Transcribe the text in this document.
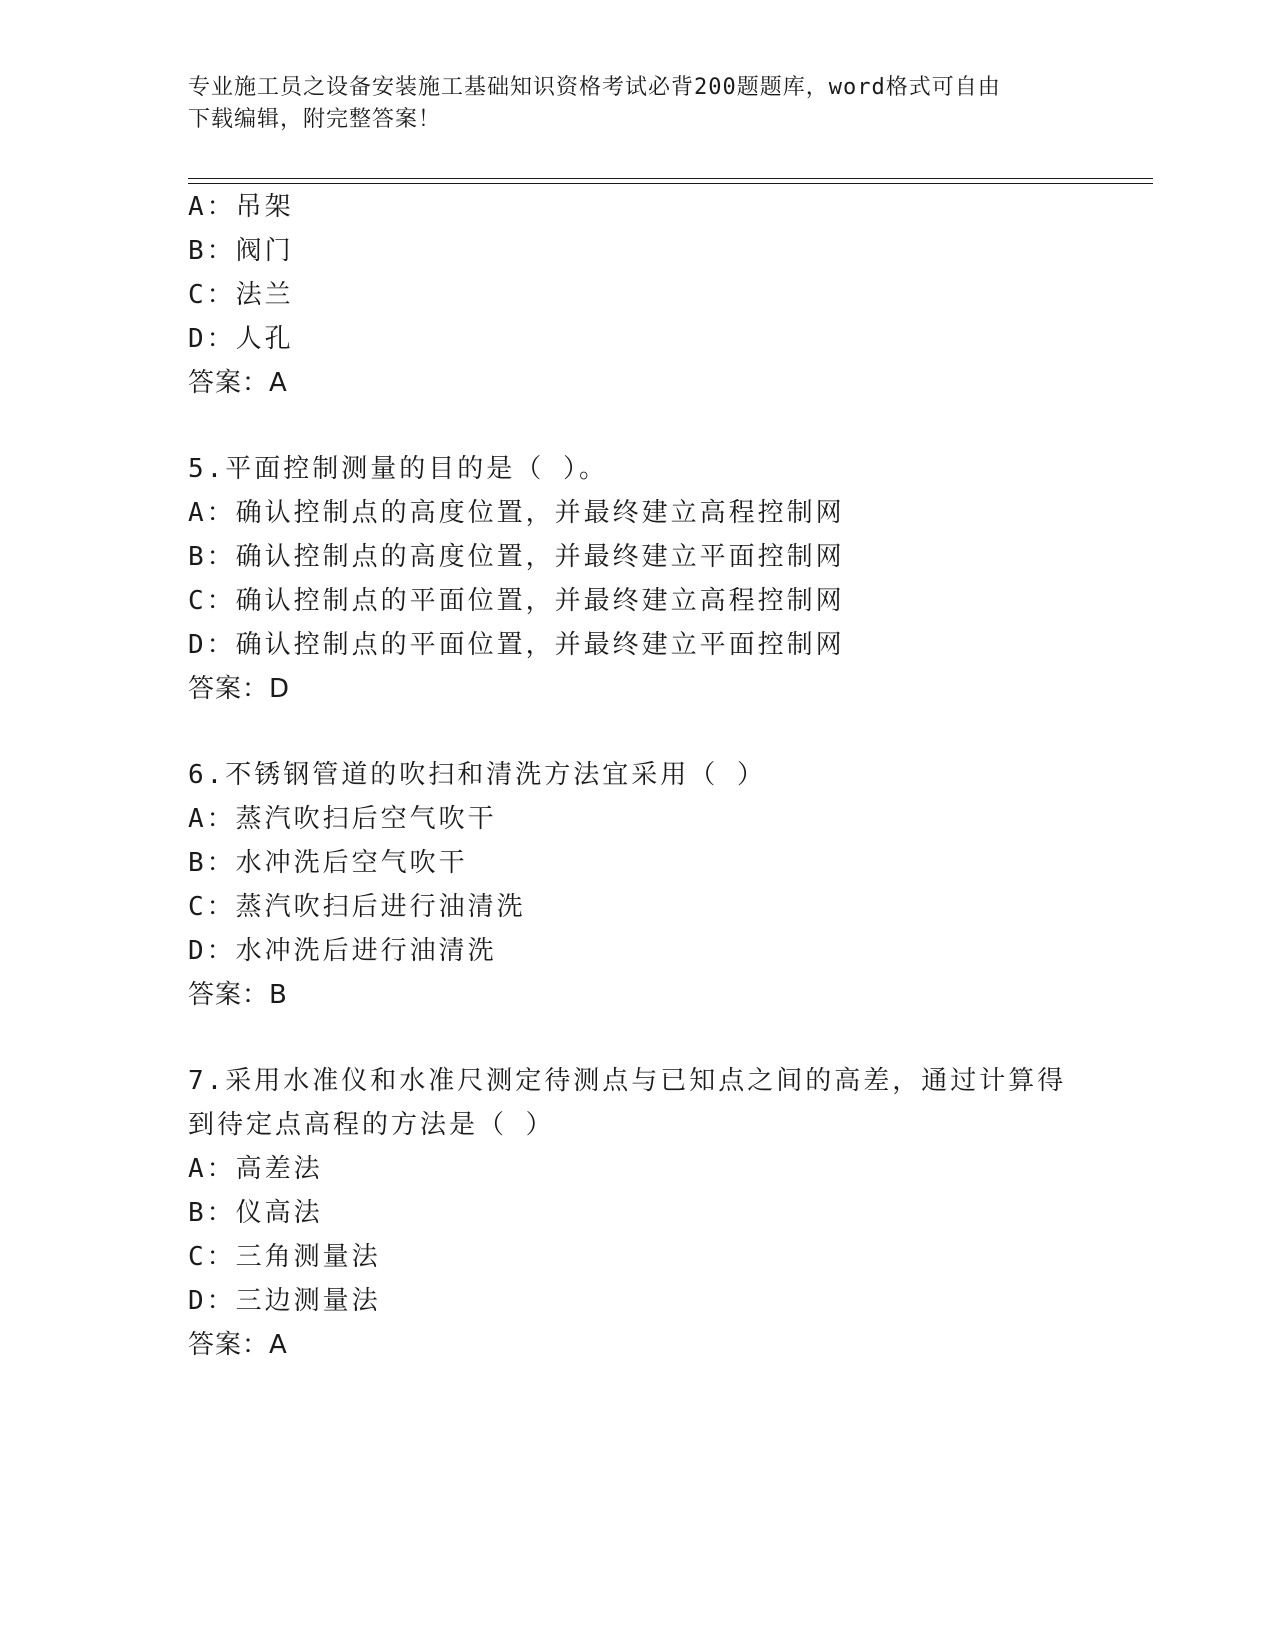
专业施工员之设备安装施工基础知识资格考试必背200题题库，word格式可自由
下载编辑，附完整答案！
A：吊架
B：阀门
C：法兰
D：人孔
答案：A
5.平面控制测量的目的是（ ）。
A：确认控制点的高度位置，并最终建立高程控制网
B：确认控制点的高度位置，并最终建立平面控制网
C：确认控制点的平面位置，并最终建立高程控制网
D：确认控制点的平面位置，并最终建立平面控制网
答案：D
6.不锈钢管道的吹扫和清洗方法宜采用（ ）
A：蒸汽吹扫后空气吹干
B：水冲洗后空气吹干
C：蒸汽吹扫后进行油清洗
D：水冲洗后进行油清洗
答案：B
7.采用水准仪和水准尺测定待测点与已知点之间的高差，通过计算得
到待定点高程的方法是（ ）
A：高差法
B：仪高法
C：三角测量法
D：三边测量法
答案：A
